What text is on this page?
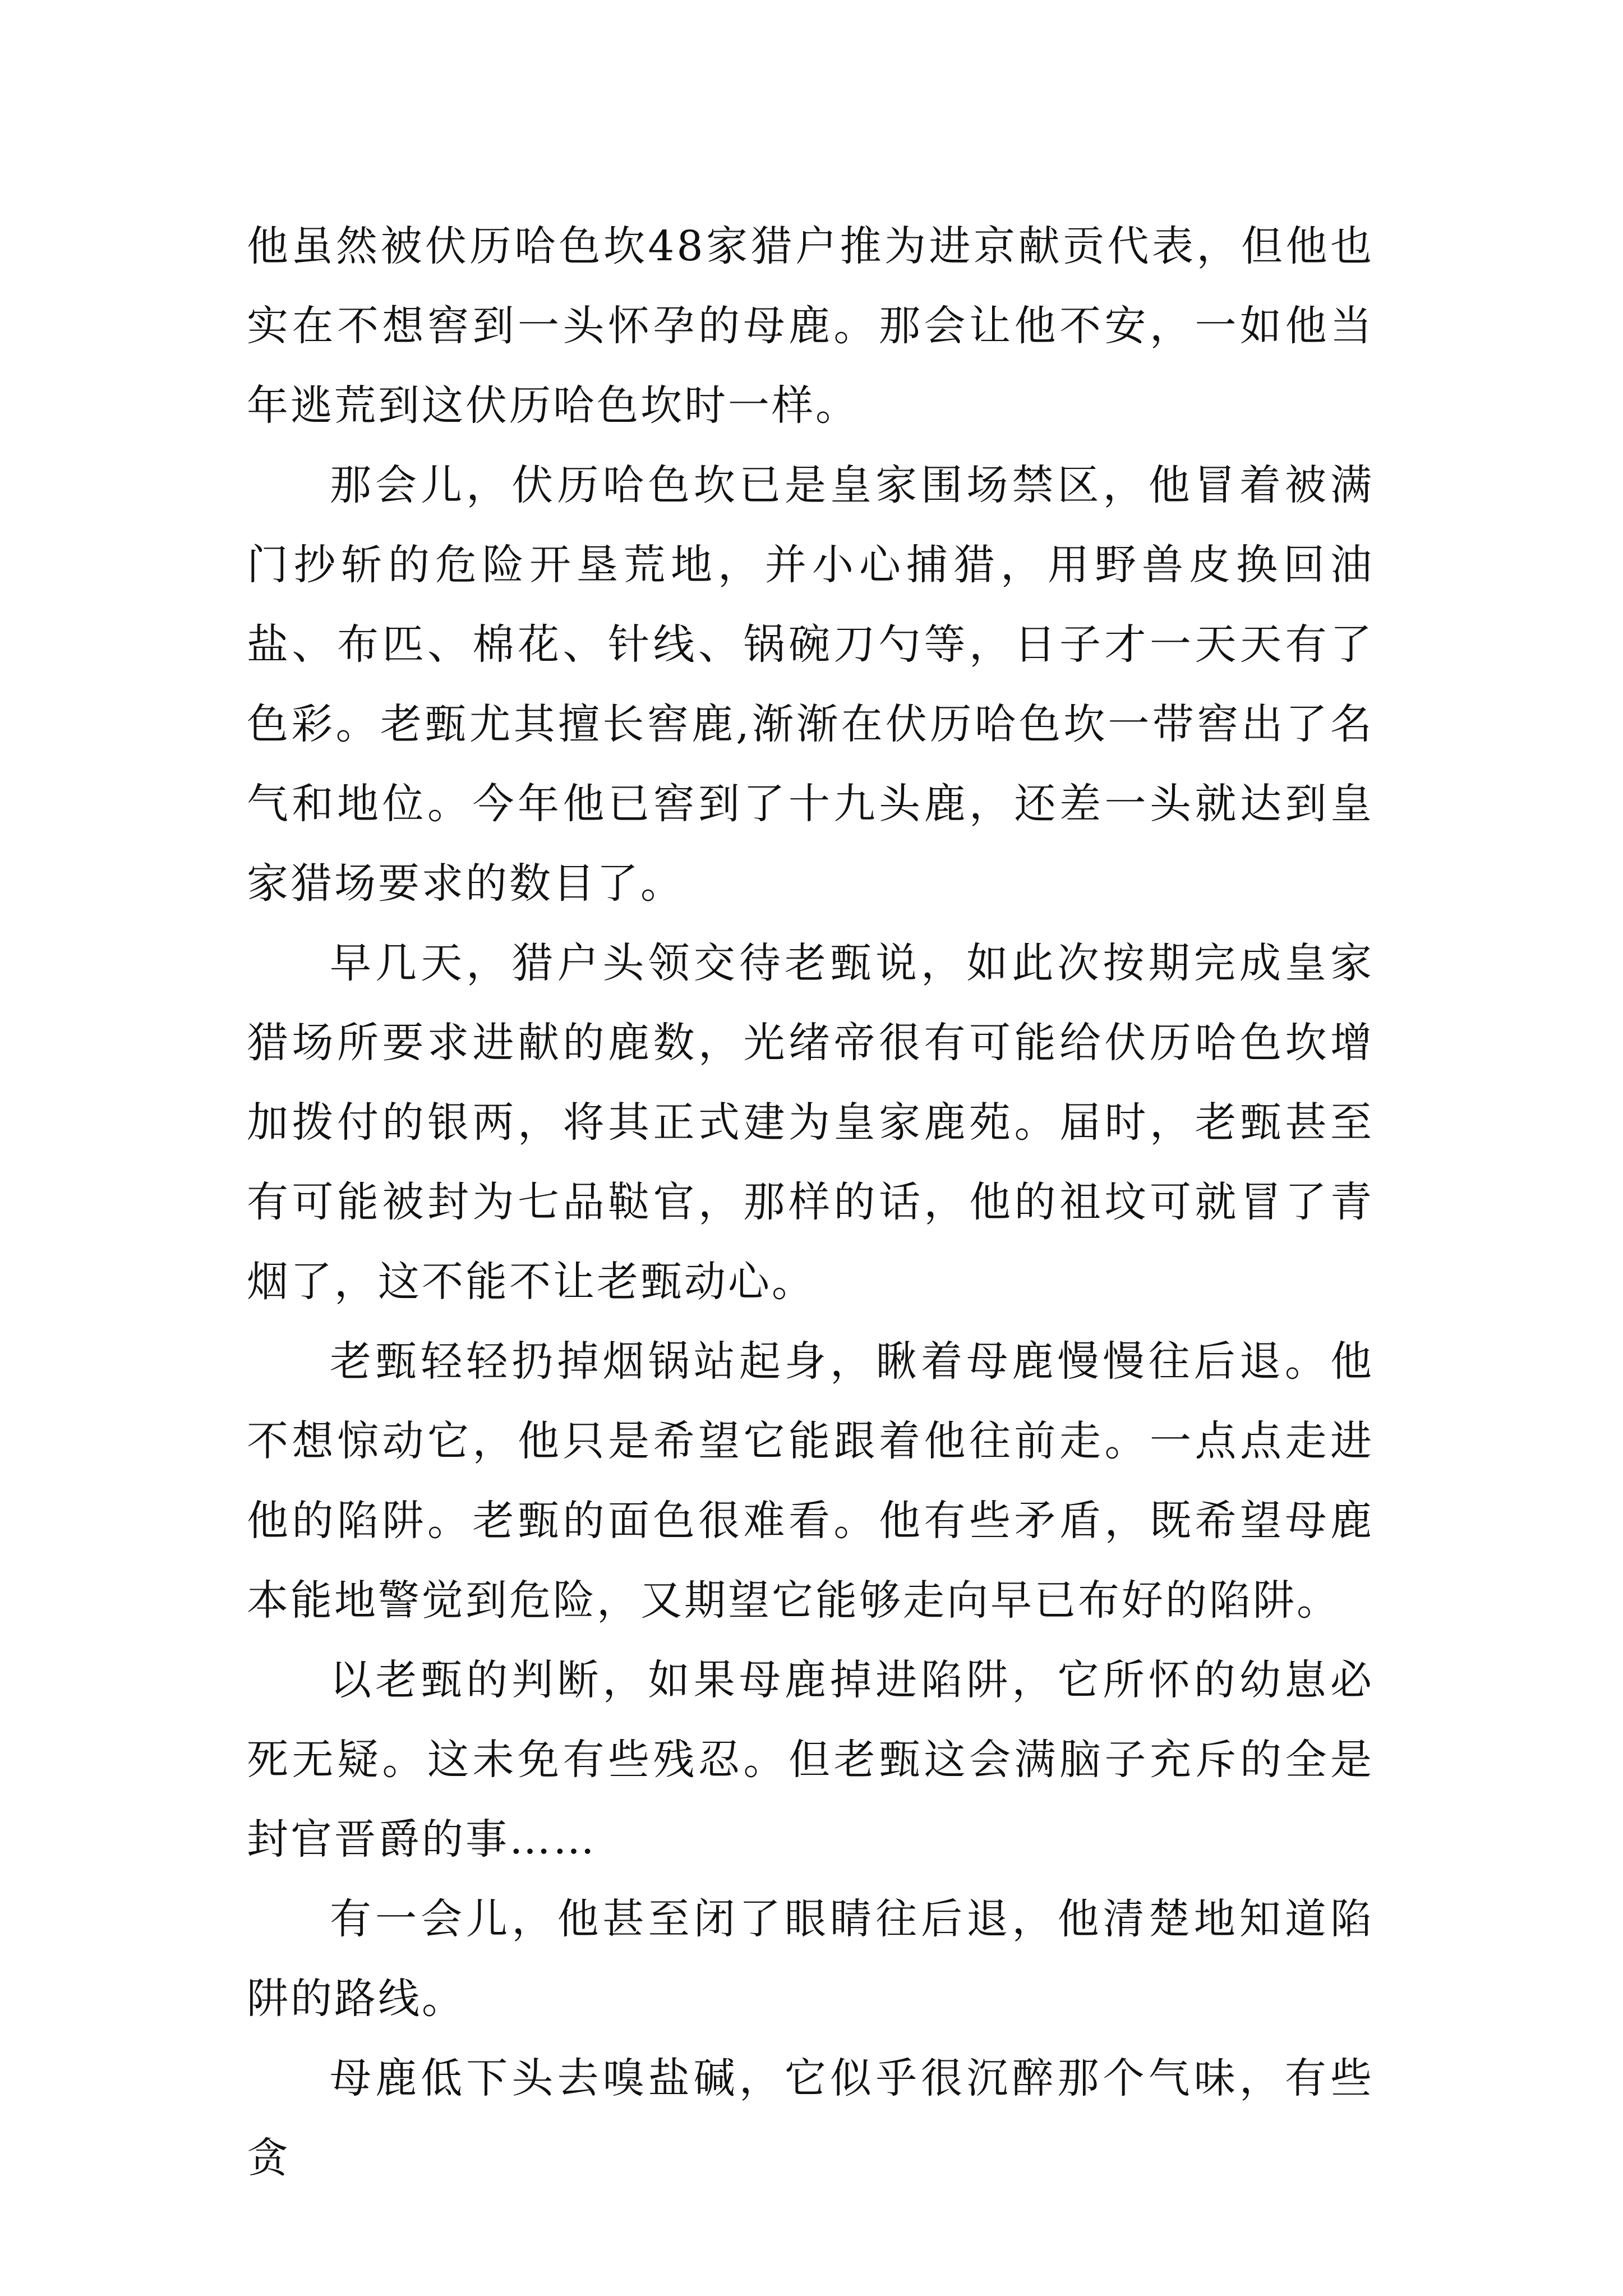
他虽然被伏历哈色坎48家猎户推为进京献贡代表，但他也实在不想窖到一头怀孕的母鹿。那会让他不安，一如他当年逃荒到这伏历哈色坎时一样。

那会儿，伏历哈色坎已是皇家围场禁区，他冒着被满门抄斩的危险开垦荒地，并小心捕猎，用野兽皮换回油盐、布匹、棉花、针线、锅碗刀勺等，日子才一天天有了色彩。老甄尤其擅长窖鹿,渐渐在伏历哈色坎一带窖出了名气和地位。今年他已窖到了十九头鹿，还差一头就达到皇家猎场要求的数目了。

早几天，猎户头领交待老甄说，如此次按期完成皇家猎场所要求进献的鹿数，光绪帝很有可能给伏历哈色坎增加拨付的银两，将其正式建为皇家鹿苑。届时，老甄甚至有可能被封为七品鞑官，那样的话，他的祖坟可就冒了青烟了，这不能不让老甄动心。

老甄轻轻扔掉烟锅站起身，瞅着母鹿慢慢往后退。他不想惊动它，他只是希望它能跟着他往前走。一点点走进他的陷阱。老甄的面色很难看。他有些矛盾，既希望母鹿本能地警觉到危险，又期望它能够走向早已布好的陷阱。

以老甄的判断，如果母鹿掉进陷阱，它所怀的幼崽必死无疑。这未免有些残忍。但老甄这会满脑子充斥的全是封官晋爵的事……

有一会儿，他甚至闭了眼睛往后退，他清楚地知道陷阱的路线。

母鹿低下头去嗅盐碱，它似乎很沉醉那个气味，有些贪
